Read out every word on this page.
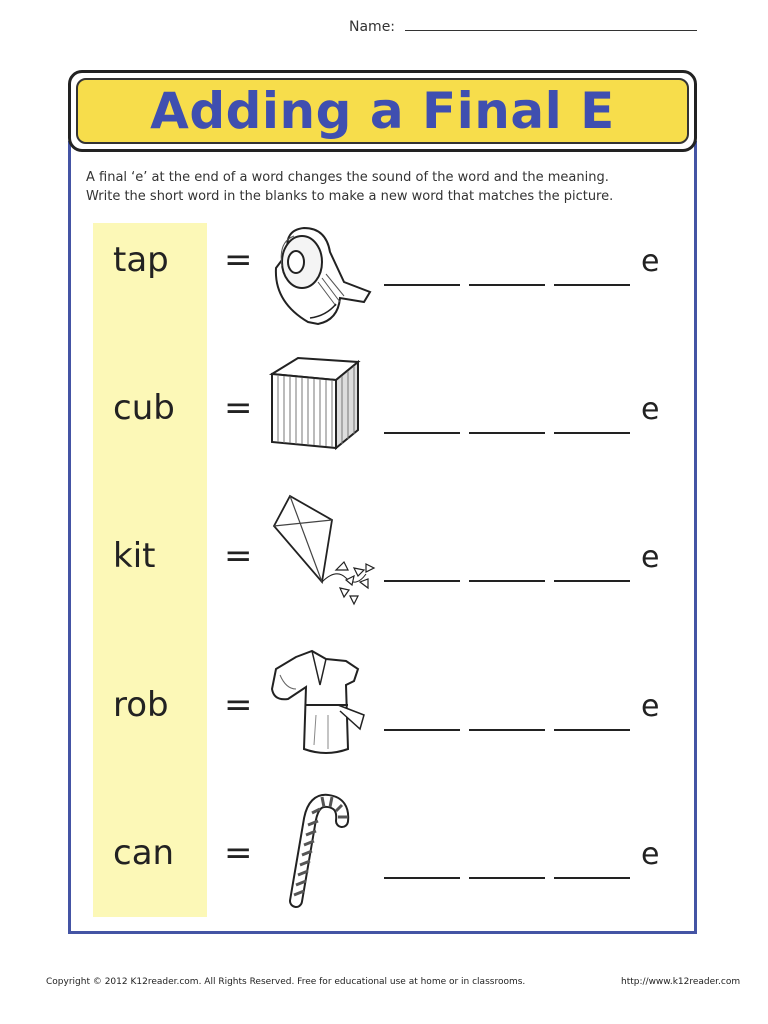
Name:
Adding a Final E

A final ‘e’ at the end of a word changes the sound of the word and the meaning.

Write the short word in the blanks to make a new word that matches the picture.

tap =	e
cub =	e
kit =	e
rob =	e
can =	e
Copyright © 2012 K12reader.com. All Rights Reserved. Free for educational use at home or in classrooms.	http://www.k12reader.com
